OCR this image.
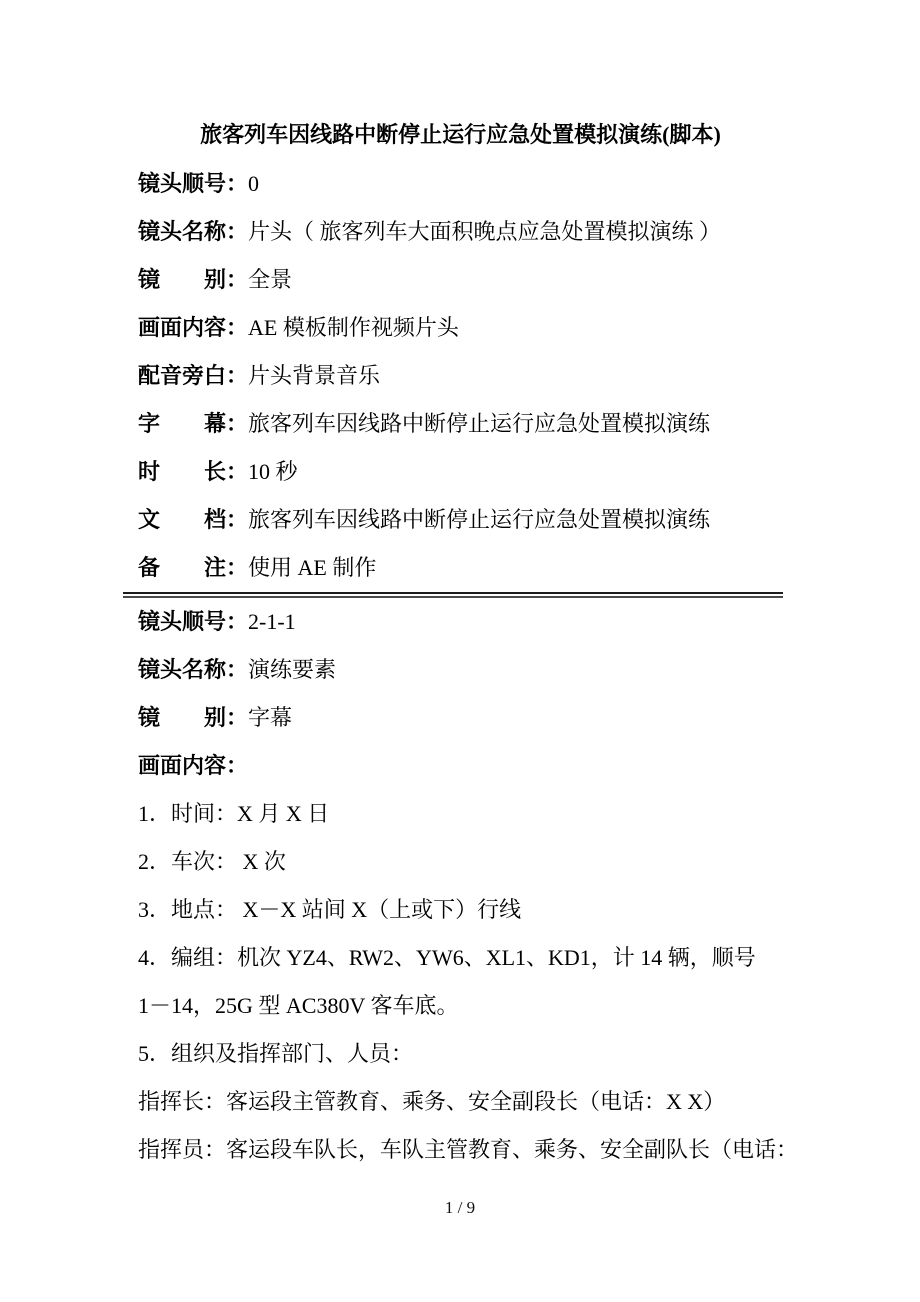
旅客列车因线路中断停止运行应急处置模拟演练(脚本)

镜头顺号：0

镜头名称：片头（ 旅客列车大面积晚点应急处置模拟演练 ）

镜　　别：全景

画面内容：AE 模板制作视频片头

配音旁白：片头背景音乐

字　　幕：旅客列车因线路中断停止运行应急处置模拟演练

时　　长：10 秒

文　　档：旅客列车因线路中断停止运行应急处置模拟演练

备　　注：使用 AE 制作

镜头顺号：2-1-1

镜头名称：演练要素

镜　　别：字幕

画面内容：

1．时间：X 月 X 日

2．车次： X 次

3．地点： X－X 站间 X（上或下）行线

4．编组：机次 YZ4、RW2、YW6、XL1、KD1，计 14 辆，顺号

1－14，25G 型 AC380V 客车底。

5．组织及指挥部门、人员：

指挥长：客运段主管教育、乘务、安全副段长（电话：X X）

指挥员：客运段车队长，车队主管教育、乘务、安全副队长（电话：

1 / 9
